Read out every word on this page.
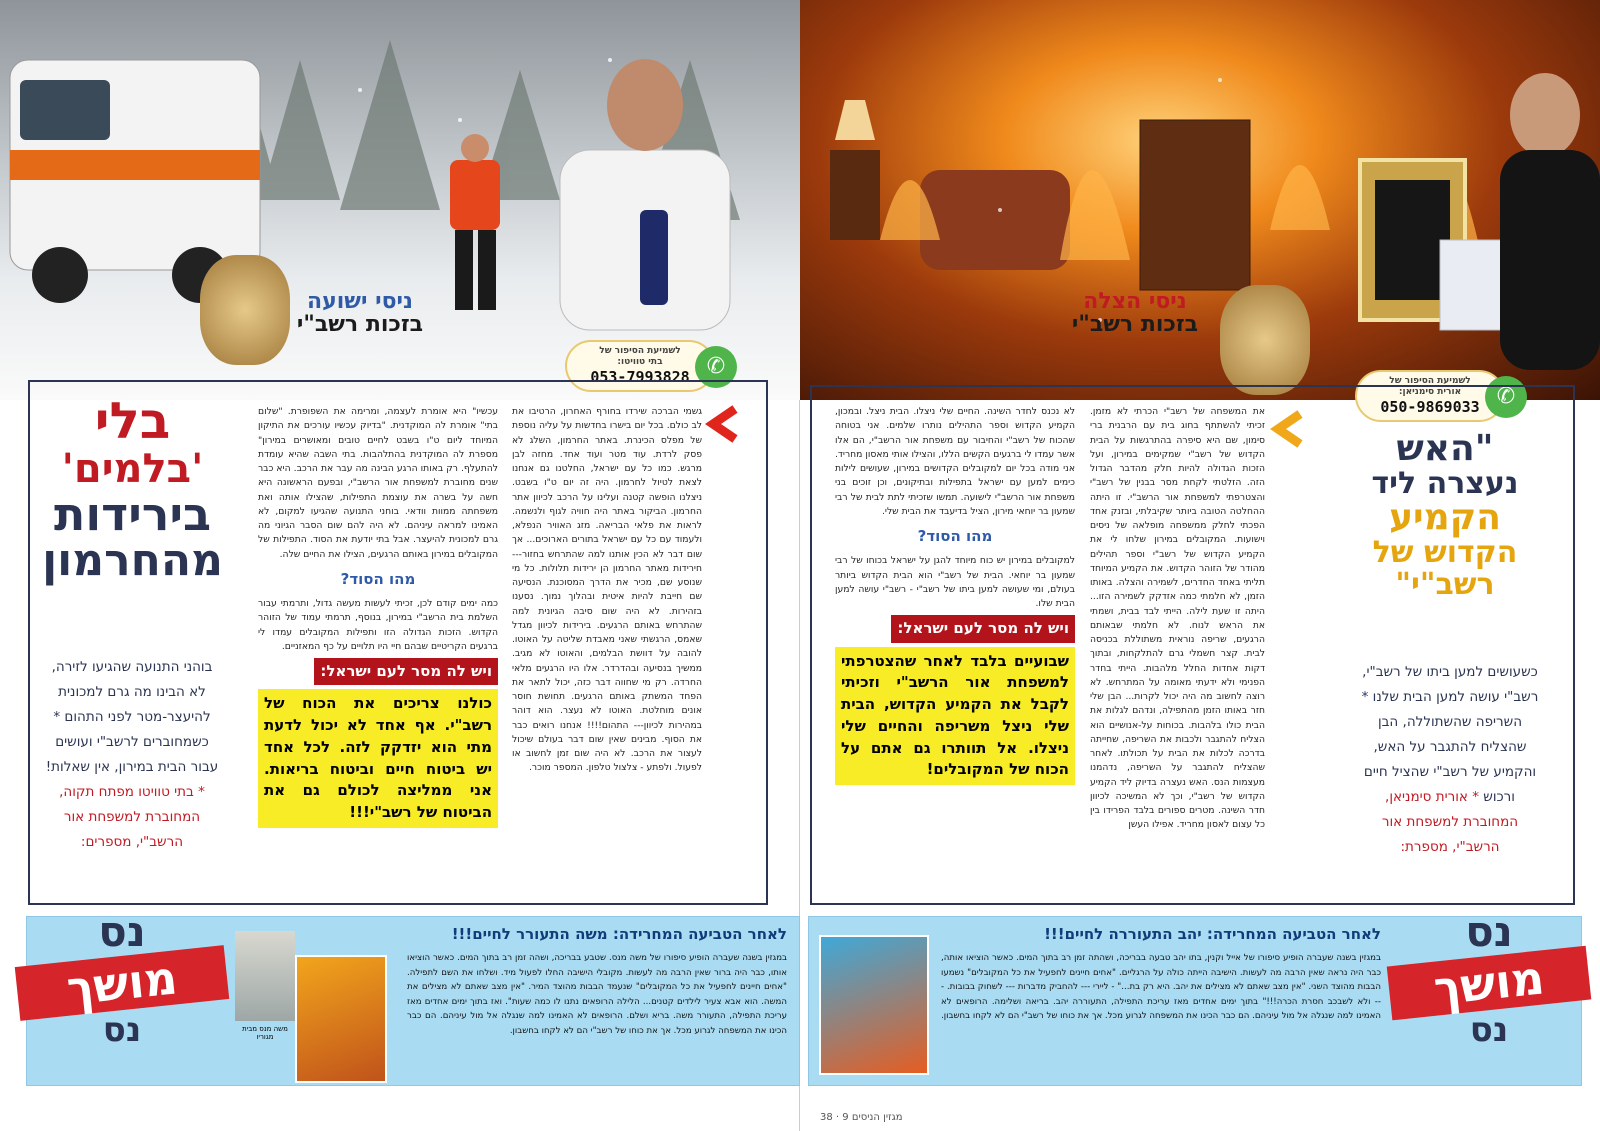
ניסי ישועה
בזכות רשב"י
לשמיעת הסיפור של
בתי טוויטו:
053-7993828 ✆
בלי
'בלמים'
בירידות
מהחרמון
בוהני התנועה שהגיעו לזירה, לא הבינו מה גרם למכונית להיעצר-מטר לפני התהום * כשמחוברים לרשב"י ועושים עבור הבית במירון, אין שאלות! * בתי טוויטו מפתח תקוה, המחוברת למשפחת אור הרשב"י, מספרים:
גשמי הברכה שירדו בחורף האחרון, הרטיבו את לב כולם. בכל יום בישרו בחדשות על עליה נוספת של מפלס הכינרת. באתר החרמון, השלג לא פסק לרדת. עוד מטר ועוד אחד. מחזה לבן מרגש. כמו כל עם ישראל, החלטנו גם אנחנו לצאת לטיול לחרמון. היה זה יום ט"ו בשבט. ניצלנו הופשה קטנה ועלינו על הרכב לכיוון אתר החרמון. הביקור באתר היה חוויה לגוף ולנשמה. לראות את פלאי הבריאה. מזג האוויר הנפלא, ולעמוד עם כל עם ישראל בתורים הארוכים... אך שום דבר לא הכין אותנו למה שהתרחש בחזור--- חירידות מאתר החרמון הן ירידות תלולות. כל מי שנוסע שם, מכיר את הדרך המסוכנת. הנסיעה שם חייבת להיות איטית ובהלוך נמוך. נסענו בזהירות. לא היה שום סיבה הגיונית למה שהתרחש באותם הרגעים. בירידות לכיוון מגדל שאמס, הרגשתי שאני מאבדת שליטה על האוטו. להובה על דוושת הבלמים, והאוטו לא מגיב. ממשיך בנסיעה ובהדרדר. אלו היו הרגעים מלאי החרדה. רק מי שחווה דבר כזה, יכול לתאר את הפחד המשתק באותם הרגעים. תחושת חוסר אונים מוחלטת. האוטו לא נעצר. הוא דוהר במהירות לכיוון--- התהום!!!! אנחנו רואים כבר את הסוף. מבינים שאין שום דבר בעולם שיכול לעצור את הרכב. לא היה שום זמן לחשוב או לפעול. ולפתע - צלצול טלפון. המספר מוכר.
עכשיו" היא אומרת לעצמה, ומרימה את השפופרת. "שלום בתי" אומרת לה המוקדנית. "בדיוק עכשיו עורכים את התיקון המיוחד ליום ט"ו בשבט לחיים טובים ומאושרים במירון" מספרת לה המוקדנית בהתלהבות. בתי השבה שהיא עומדת להתעלף. רק באותו הרגע הבינה מה עבר את הרכב. היא כבר שנים מחוברת למשפחת אור הרשב"י, ובפעם הראשונה היא חשה על בשרה את עוצמת התפילות, שהצילו אותה ואת משפחתה ממוות וודאי. בוחני התנועה שהגיעו למקום, לא האמינו למראה עיניהם. לא היה להם שום הסבר הגיוני מה גרם למכונית להיעצר. אבל בתי יודעת את הסוד. התפילות של המקובלים במירון באותם הרגעים, הצילו את החיים שלה.
מהו הסוד?
כמה ימים קודם לכן, זכיתי לעשות מעשה גדול, ותרמתי עבור השלמת בית הרשב"י במירון, בנוסף, תרמתי עמוד של הזוהר הקדוש. הזכות הגדולה הזו ותפילות המקובלים עמדו לי ברגעים הקריטיים שבהם חיי היו תלויים על כף המאזניים.
ויש לה מסר לעם ישראל:
כולנו צריכים את הכוח של רשב"י. אף אחד לא יכול לדעת מתי הוא יזדקק לזה. לכל אחד יש ביטוח חיים וביטוח בריאות. אני ממליצה לכולם גם את הביטוח של רשב"י!!!
לאחר הטביעה המחרידה: משה התעורר לחיים!!!
במגזין בשנה שעברה הופיע סיפורו של משה מנס. שטבע בבריכה, ושהה זמן רב בתוך המים. כאשר הוציאו אותו, כבר היה ברור שאין הרבה מה לעשות. מקובלי הישיבה החלו לפעול מיד. ושלחו את השם לתפילה. "אחים חיינים לחפעיל את כל המקובלים" שנעמד הבבות מהוצד המיר. "אין מצב שאתם לא מצילים את המשה. הוא אבא צעיר לילדים קטנים... הלילה הרופאים נתנו לו כמה שעות". ואז בתוך ימים אחדים מאז עריכת התפילה, התעורר משה. בריא ושלם. הרופאים לא האמינו למה שנגלה אל מול עיניהם. הם כבר הכינו את המשפחה לגרוע מכל. אך את כוחו של רשב"י הם לא לקחו בחשבון.
משה מנס מבית מגוריו
נס
מושך
נס
ניסי הצלה
בזכות רשב"י
לשמיעת הסיפור של
אורית סימניאן:
050-9869033 ✆
"האש
נעצרה ליד
הקמיע
הקדוש של
רשב"י"
כשעושים למען ביתו של רשב"י, רשב"י עושה למען הבית שלנו * השריפה שהשתוללה, הבן שהצליח להתגבר על האש, והקמיע של רשב"י שהציל חיים ורכוש * אורית סימניאן, המחוברת למשפחת אור הרשב"י, מספרת:
את המשפחה של רשב"י הכרתי לא מזמן. זכיתי להשתתף בחוג בית עם הרבנית ברי סימון, שם היא סיפרה בהתרגשות על הבית הקדוש של רשב"י שמקימים במירון, ועל הזכות הגדולה להיות חלק מהדבר הגדול הזה. הזלטתי לקחת מסר בבנין של רשב"י והצטרפתי למשפחת אור הרשב"י. זו היתה ההחלטה הטובה ביותר שקיבלתי, ובזנק אחד הפכתי לחלק ממשפחה מופלאה של ניסים וישועות. המקובלים במירון שלחו לי את הקמיע הקדוש של רשב"י וספר תהילים מהודר של הזוהר הקדוש. את הקמיע המיוחד תליתי באחד החדרים, לשמירה והצלה. באותו הזמן, לא חלמתי כמה אזדקק לשמירה הזו... היתה זו שעת לילה. הייתי לבד בבית, ושמתי את הראש לנוח. לא חלמתי שבאותם הרגעים, שריפה נוראית משתוללת בכניסה לבית. קצר חשמלי גרם להתלקחות, ובתוך דקות אחדות החלל מלהבות. הייתי בחדר הפנימי ולא ידעתי מאומה על המתרחש. לא רוצה לחשוב מה היה יכול לקרות... הבן שלי חזר באותו הזמן מהתפילה, ונדהם לגלות את הבית כולו בלהבות. בכוחות על-אנושיים הוא הצליח להתגבר ולכבות את השריפה, שחייתה בדרכה לכלות את הבית על תכולתו. לאחר שהצליח להתגבר על השריפה, נדהמנו מעצמות הנס. האש נעצרה בדיוק ליד הקמיע הקדוש של רשב"י, וכך לא המשיכה לכיוון חדר השינה. מטרים ספורים בלבד הפרידו בין כל עצום לאסון מחריד. אפילו העשן
לא נכנס לחדר השינה. החיים שלי ניצלו. הבית ניצל. ובמכון, הקמיע הקדוש וספר התהילים נותרו שלמים. אני בטוחה שהכוח של רשב"י והחיבור עם משפחת אור הרשב"י, הם אלו אשר עמדו לי ברגעים הקשים הללו, והצילו אותי מאסון מחריד. אני מודה בכל יום למקובלים הקדושים במירון, שעושים לילות כימים למען עם ישראל בתפילות ובתיקונים, וכן זוכים בני משפחת אור הרשב"י לישועה. תמשו שזכיתי לתת לבית של רבי שמעון בר יוחאי מירון, הציל בדיעבד את הבית שלי.
מהו הסוד?
למקובלים במירון יש כוח מיוחד להגן על ישראל בכוחו של רבי שמעון בר יוחאי. הבית של רשב"י הוא הבית הקדוש ביותר בעולם, ומי שעושה למען ביתו של רשב"י - רשב"י עושה למען הבית שלו.
ויש לה מסר לעם ישראל:
שבועיים בלבד לאחר שהצטרפתי למשפחת אור הרשב"י וזכיתי לקבל את הקמיע הקדוש, הבית שלי ניצל משריפה והחיים שלי ניצלו. אל תוותרו גם אתם על הכוח של המקובלים!
לאחר הטביעה המחרידה: יהב התעוררה לחיים!!!
במגזין בשנה שעברה הופיע סיפורו של אייל וקנין, בתו יהב טבעה בבריכה, ושהתה זמן רב בתוך המים. כאשר הוציאו אותה, כבר היה נראה שאין הרבה מה לעשות. הישיבה הייתה כולה על הרגליים. "אחים חיינים לחפעיל את כל המקובלים" נשמעו הבבות מהוצד השני. "אין מצב שאתם לא מצילים את יהב. היא רק בת..." - ליירי --- להחביק מדברות --- לשחוק בבובות. --- ולא לשבכב חסרת הכרה!!!" בתוך ימים אחדים מאז עריכת התפילה, התעוררה יהב. בריאה ושלימה. הרופאים לא האמינו למה שנגלה אל מול עיניהם. הם כבר הכינו את המשפחה לגרוע מכל. אך את כוחו של רשב"י הם לא לקחו בחשבון.
נס
מושך
נס
מגזין הניסים 9 · 38
